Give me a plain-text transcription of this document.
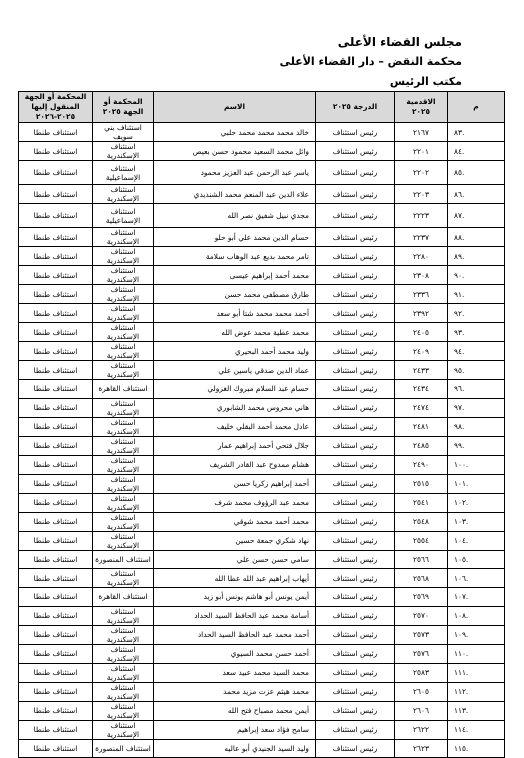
مجلس القضاء الأعلى
محكمة النقض – دار القضاء الأعلى
مكتب الرئيس
م	الاقدمية ٢٠٢٥	الدرجة ٢٠٢٥	الاسم	المحكمة أو الجهة ٢٠٢٥	المحكمة أو الجهة المنقول إليها ٢٠٢٥-٢٠٢٦
٨٣.	٢١٦٧	رئيس استئناف	خالد محمد محمد محمد حلبي	استئناف بني سويف	استئناف طنطا
٨٤.	٢٢٠١	رئيس استئناف	وائل محمد السعيد محمود حسن بعيص	استئناف الإسكندرية	استئناف طنطا
٨٥.	٢٢٠٢	رئيس استئناف	ياسر عبد الرحمن عبد العزيز محمود	استئناف الإسماعيلية	استئناف طنطا
٨٦.	٢٢٠٣	رئيس استئناف	علاء الدين عبد المنعم محمد الشنديدي	استئناف الإسكندرية	استئناف طنطا
٨٧.	٢٢٢٣	رئيس استئناف	مجدي نبيل شفيق نصر الله	استئناف الإسماعيلية	استئناف طنطا
٨٨.	٢٢٣٧	رئيس استئناف	حسام الدين محمد علي أبو حلو	استئناف الإسكندرية	استئناف طنطا
٨٩.	٢٢٨٠	رئيس استئناف	تامر محمد بديع عبد الوهاب سلامة	استئناف الإسكندرية	استئناف طنطا
٩٠.	٢٣٠٨	رئيس استئناف	محمد أحمد إبراهيم عيسى	استئناف الإسكندرية	استئناف طنطا
٩١.	٢٣٣٦	رئيس استئناف	طارق مصطفى محمد حسن	استئناف الإسكندرية	استئناف طنطا
٩٢.	٢٣٩٢	رئيس استئناف	أحمد محمد محمد شتا أبو سعد	استئناف الإسكندرية	استئناف طنطا
٩٣.	٢٤٠٥	رئيس استئناف	محمد عطية محمد عوض الله	استئناف الإسكندرية	استئناف طنطا
٩٤.	٢٤٠٩	رئيس استئناف	وليد محمد أحمد البحيري	استئناف الإسكندرية	استئناف طنطا
٩٥.	٢٤٣٣	رئيس استئناف	عماد الدين صدقي ياسين علي	استئناف الإسكندرية	استئناف طنطا
٩٦.	٢٤٣٤	رئيس استئناف	حسام عبد السلام مبروك الغزولي	استئناف القاهرة	استئناف طنطا
٩٧.	٢٤٧٤	رئيس استئناف	هاني محروس محمد الشابوري	استئناف الإسكندرية	استئناف طنطا
٩٨.	٢٤٨١	رئيس استئناف	عادل محمد أحمد البقلي خليف	استئناف الإسكندرية	استئناف طنطا
٩٩.	٢٤٨٥	رئيس استئناف	جلال فتحي أحمد إبراهيم عمار	استئناف الإسكندرية	استئناف طنطا
١٠٠.	٢٤٩٠	رئيس استئناف	هشام ممدوح عبد القادر الشريف	استئناف الإسكندرية	استئناف طنطا
١٠١.	٢٥١٥	رئيس استئناف	أحمد إبراهيم زكريا حسن	استئناف الإسكندرية	استئناف طنطا
١٠٢.	٢٥٤١	رئيس استئناف	محمد عبد الرؤوف محمد شرف	استئناف الإسكندرية	استئناف طنطا
١٠٣.	٢٥٤٨	رئيس استئناف	محمد أحمد محمد شوقي	استئناف الإسكندرية	استئناف طنطا
١٠٤.	٢٥٥٤	رئيس استئناف	نهاد شكري جمعة حسين	استئناف الإسكندرية	استئناف طنطا
١٠٥.	٢٥٦٦	رئيس استئناف	سامي حسن حسن علي	استئناف المنصورة	استئناف طنطا
١٠٦.	٢٥٦٨	رئيس استئناف	أيهاب إبراهيم عبد الله عطا الله	استئناف الإسكندرية	استئناف طنطا
١٠٧.	٢٥٦٩	رئيس استئناف	أيمن يونس أبو هاشم يونس أبو زيد	استئناف القاهرة	استئناف طنطا
١٠٨.	٢٥٧٠	رئيس استئناف	أسامة محمد عبد الحافظ السيد الحداد	استئناف الإسكندرية	استئناف طنطا
١٠٩.	٢٥٧٣	رئيس استئناف	أحمد محمد عبد الحافظ السيد الحداد	استئناف الإسكندرية	استئناف طنطا
١١٠.	٢٥٧٦	رئيس استئناف	أحمد حسن محمد السيوي	استئناف الإسكندرية	استئناف طنطا
١١١.	٢٥٨٣	رئيس استئناف	محمد السيد محمد عبيد سعد	استئناف الإسكندرية	استئناف طنطا
١١٢.	٢٦٠٥	رئيس استئناف	محمد هيثم عزت مزيد محمد	استئناف الإسكندرية	استئناف طنطا
١١٣.	٢٦٠٦	رئيس استئناف	أيمن محمد مصباح فتح الله	استئناف الإسكندرية	استئناف طنطا
١١٤.	٢٦٢٢	رئيس استئناف	سامح فؤاد سعد إبراهيم	استئناف الإسكندرية	استئناف طنطا
١١٥.	٢٦٢٣	رئيس استئناف	وليد السيد الجنيدي أبو عاليه	استئناف المنصورة	استئناف طنطا
